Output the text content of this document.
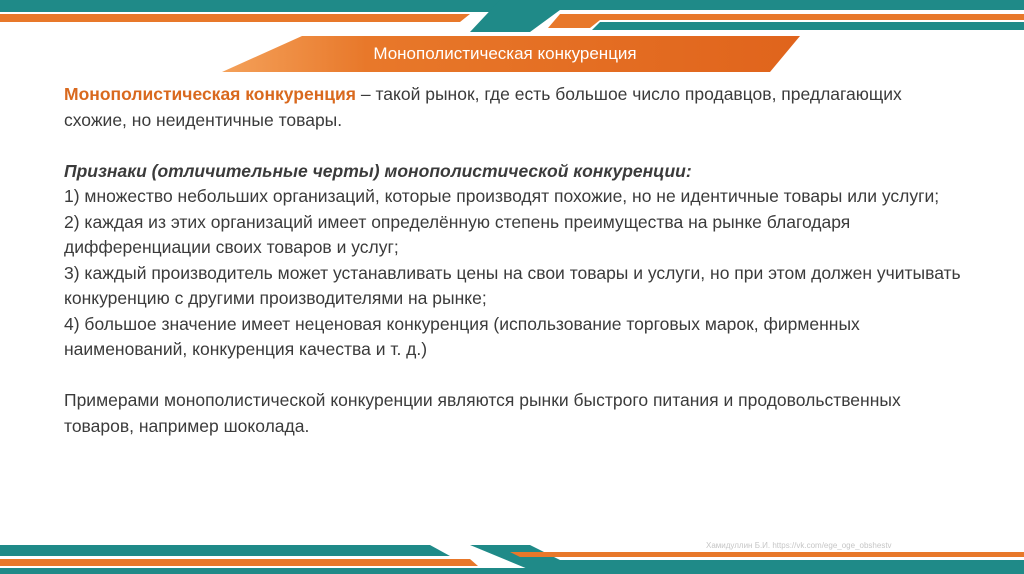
Монополистическая конкуренция

Монополистическая конкуренция – такой рынок, где есть большое число продавцов, предлагающих схожие, но неидентичные товары.

Признаки (отличительные черты) монополистической конкуренции:

1) множество небольших организаций, которые производят похожие, но не идентичные товары или услуги;

2) каждая из этих организаций имеет определённую степень преимущества на рынке благодаря дифференциации своих товаров и услуг;

3) каждый производитель может устанавливать цены на свои товары и услуги, но при этом должен учитывать конкуренцию с другими производителями на рынке;

4) большое значение имеет неценовая конкуренция (использование торговых марок, фирменных наименований, конкуренция качества и т. д.)

Примерами монополистической конкуренции являются рынки быстрого питания и продовольственных товаров, например шоколада.

Хамидуллин Б.И. https://vk.com/ege_oge_obshestv
